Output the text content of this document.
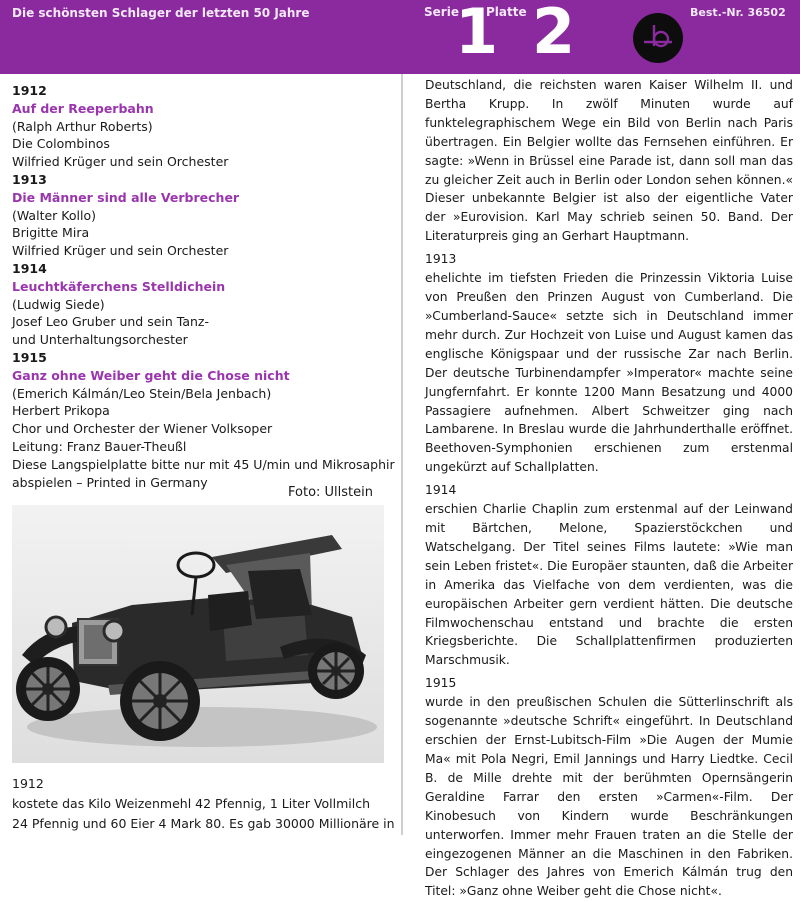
Die schönsten Schlager der letzten 50 Jahre	Serie
1
Platte 2	Best.-Nr. 36502
1912
Auf der Reeperbahn
(Ralph Arthur Roberts)
Die Colombinos
Wilfried Krüger und sein Orchester
1913
Die Männer sind alle Verbrecher
(Walter Kollo)
Brigitte Mira
Wilfried Krüger und sein Orchester
1914
Leuchtkäferchens Stelldichein
(Ludwig Siede)
Josef Leo Gruber und sein Tanz-
und Unterhaltungsorchester
1915
Ganz ohne Weiber geht die Chose nicht
(Emerich Kálmán/Leo Stein/Bela Jenbach)
Herbert Prikopa
Chor und Orchester der Wiener Volksoper
Leitung: Franz Bauer-Theußl
Diese Langspielplatte bitte nur mit 45 U/min und Mikrosaphir
abspielen – Printed in Germany
Foto: Ullstein
1912
kostete das Kilo Weizenmehl 42 Pfennig, 1 Liter Vollmilch
24 Pfennig und 60 Eier 4 Mark 80. Es gab 30000 Millionäre in

Deutschland, die reichsten waren Kaiser Wilhelm II. und Bertha Krupp. In zwölf Minuten wurde auf funktelegraphischem Wege ein Bild von Berlin nach Paris übertragen. Ein Belgier wollte das Fernsehen einführen. Er sagte: »Wenn in Brüssel eine Parade ist, dann soll man das zu gleicher Zeit auch in Berlin oder London sehen können.« Dieser unbekannte Belgier ist also der eigentliche Vater der »Eurovision. Karl May schrieb seinen 50. Band. Der Literaturpreis ging an Gerhart Hauptmann.

1913

ehelichte im tiefsten Frieden die Prinzessin Viktoria Luise von Preußen den Prinzen August von Cumberland. Die »Cumberland-Sauce« setzte sich in Deutschland immer mehr durch. Zur Hochzeit von Luise und August kamen das englische Königspaar und der russische Zar nach Berlin. Der deutsche Turbinendampfer »Imperator« machte seine Jungfernfahrt. Er konnte 1200 Mann Besatzung und 4000 Passagiere aufnehmen. Albert Schweitzer ging nach Lambarene. In Breslau wurde die Jahrhunderthalle eröffnet. Beethoven-Symphonien erschienen zum erstenmal ungekürzt auf Schallplatten.

1914

erschien Charlie Chaplin zum erstenmal auf der Leinwand mit Bärtchen, Melone, Spazierstöckchen und Watschelgang. Der Titel seines Films lautete: »Wie man sein Leben fristet«. Die Europäer staunten, daß die Arbeiter in Amerika das Vielfache von dem verdienten, was die europäischen Arbeiter gern verdient hätten. Die deutsche Filmwochenschau entstand und brachte die ersten Kriegsberichte. Die Schallplattenfirmen produzierten Marschmusik.

1915

wurde in den preußischen Schulen die Sütterlinschrift als sogenannte »deutsche Schrift« eingeführt. In Deutschland erschien der Ernst-Lubitsch-Film »Die Augen der Mumie Ma« mit Pola Negri, Emil Jannings und Harry Liedtke. Cecil B. de Mille drehte mit der berühmten Opernsängerin Geraldine Farrar den ersten »Carmen«-Film. Der Kinobesuch von Kindern wurde Beschränkungen unterworfen. Immer mehr Frauen traten an die Stelle der eingezogenen Männer an die Maschinen in den Fabriken. Der Schlager des Jahres von Emerich Kálmán trug den Titel: »Ganz ohne Weiber geht die Chose nicht«.
